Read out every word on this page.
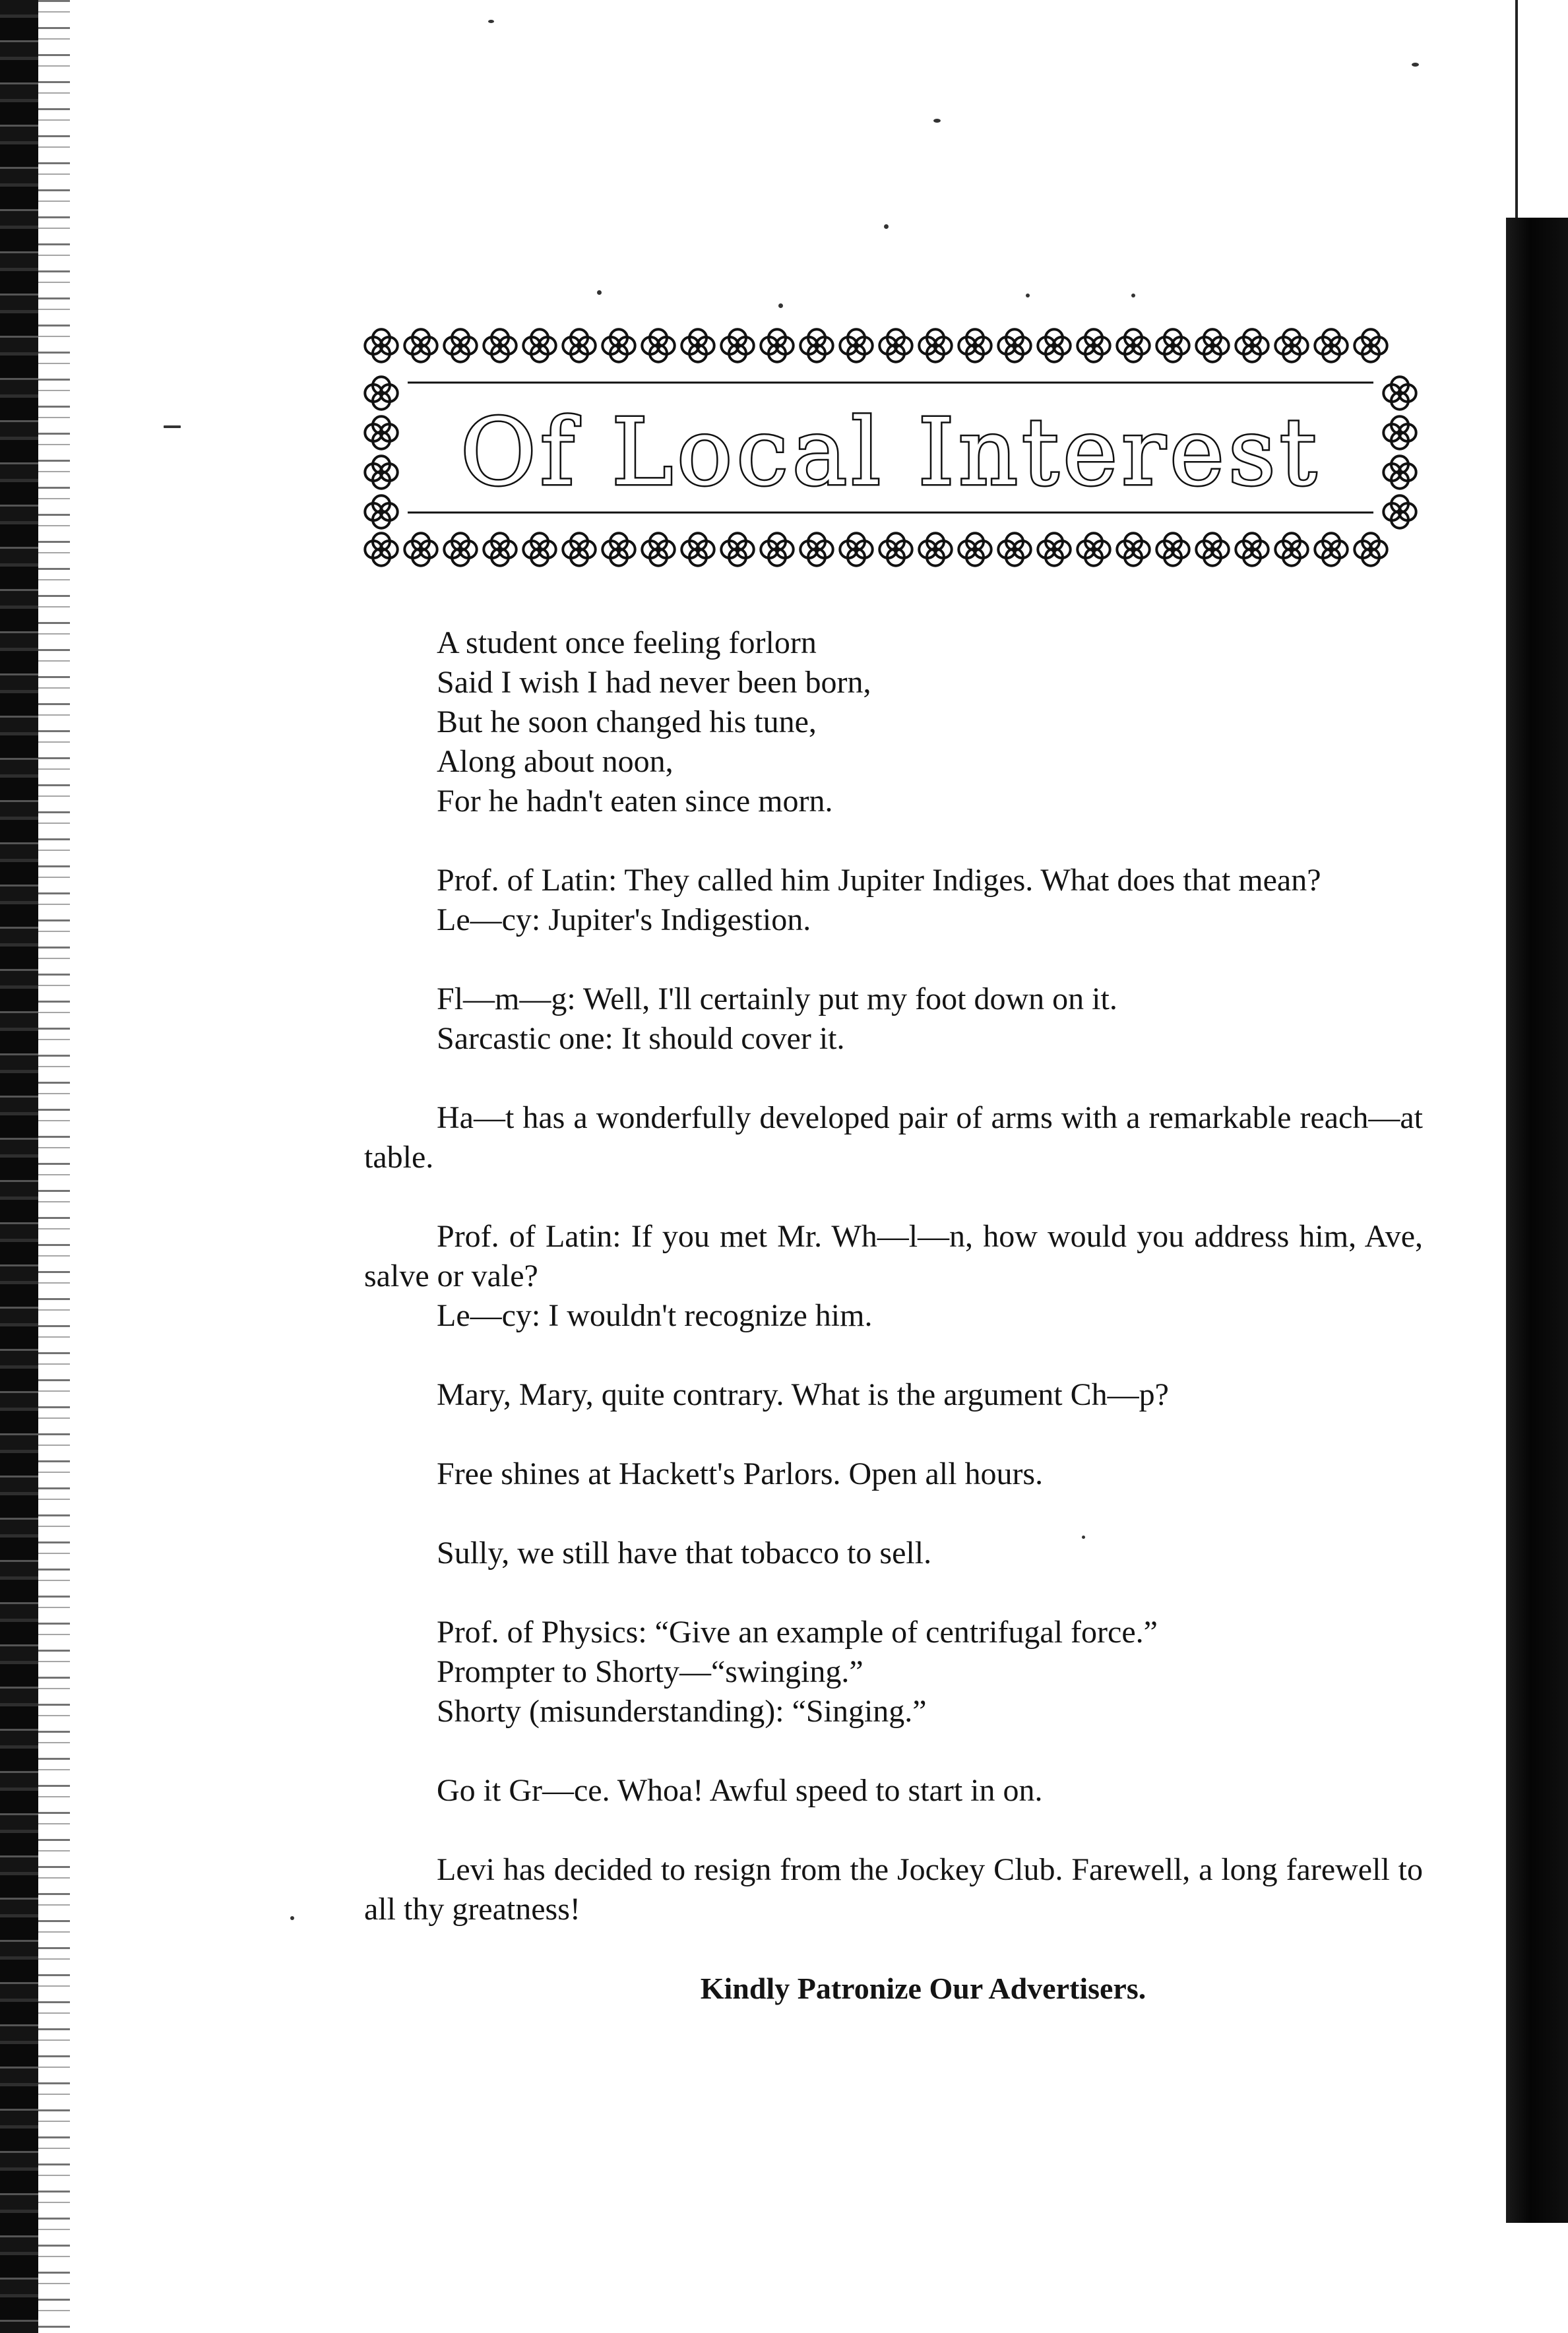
Of Local Interest
A student once feeling forlorn
Said I wish I had never been born,
But he soon changed his tune,
Along about noon,
For he hadn't eaten since morn.
Prof. of Latin: They called him Jupiter Indiges. What does that mean?
Le—cy: Jupiter's Indigestion.
Fl—m—g: Well, I'll certainly put my foot down on it.
Sarcastic one: It should cover it.
Ha—t has a wonderfully developed pair of arms with a remarkable reach—at table.
Prof. of Latin: If you met Mr. Wh—l—n, how would you address him, Ave, salve or vale?
Le—cy: I wouldn't recognize him.
Mary, Mary, quite contrary. What is the argument Ch—p?
Free shines at Hackett's Parlors. Open all hours.
Sully, we still have that tobacco to sell.
Prof. of Physics: “Give an example of centrifugal force.”
Prompter to Shorty—“swinging.”
Shorty (misunderstanding): “Singing.”
Go it Gr—ce. Whoa! Awful speed to start in on.
Levi has decided to resign from the Jockey Club. Farewell, a long farewell to all thy greatness!
Kindly Patronize Our Advertisers.
